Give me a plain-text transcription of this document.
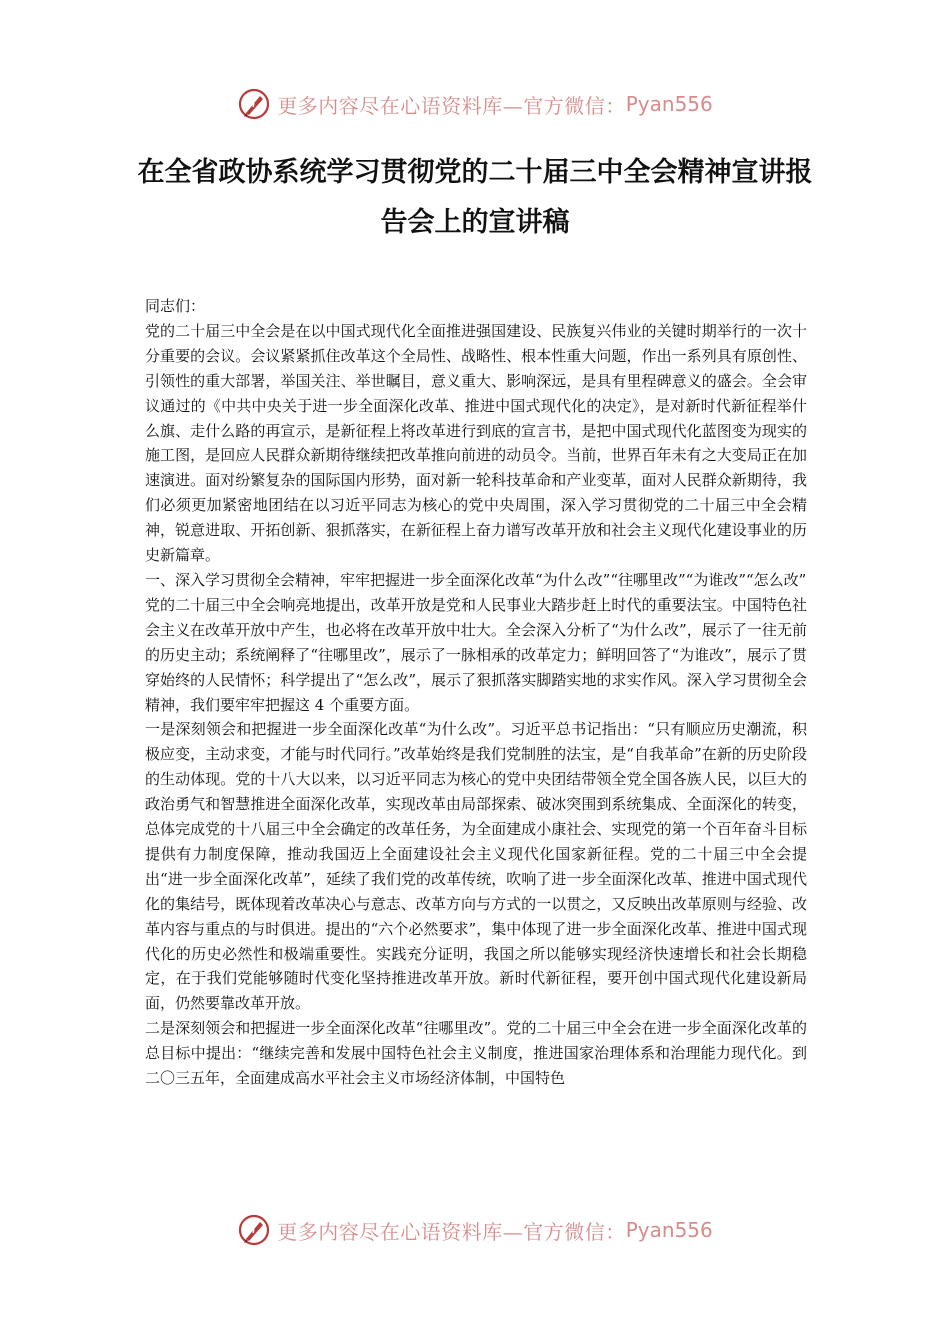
更多内容尽在心语资料库—官方微信： Pyan556
在全省政协系统学习贯彻党的二十届三中全会精神宣讲报告会上的宣讲稿

同志们：

党的二十届三中全会是在以中国式现代化全面推进强国建设、民族复兴伟业的关键时期举行的一次十分重要的会议。会议紧紧抓住改革这个全局性、战略性、根本性重大问题，作出一系列具有原创性、引领性的重大部署，举国关注、举世瞩目，意义重大、影响深远，是具有里程碑意义的盛会。全会审议通过的《中共中央关于进一步全面深化改革、推进中国式现代化的决定》，是对新时代新征程举什么旗、走什么路的再宣示，是新征程上将改革进行到底的宣言书，是把中国式现代化蓝图变为现实的施工图，是回应人民群众新期待继续把改革推向前进的动员令。当前，世界百年未有之大变局正在加速演进。面对纷繁复杂的国际国内形势，面对新一轮科技革命和产业变革，面对人民群众新期待，我们必须更加紧密地团结在以习近平同志为核心的党中央周围，深入学习贯彻党的二十届三中全会精神，锐意进取、开拓创新、狠抓落实，在新征程上奋力谱写改革开放和社会主义现代化建设事业的历史新篇章。

一、深入学习贯彻全会精神，牢牢把握进一步全面深化改革“为什么改”“往哪里改”“为谁改”“怎么改”

党的二十届三中全会响亮地提出，改革开放是党和人民事业大踏步赶上时代的重要法宝。中国特色社会主义在改革开放中产生，也必将在改革开放中壮大。全会深入分析了“为什么改”，展示了一往无前的历史主动；系统阐释了“往哪里改”，展示了一脉相承的改革定力；鲜明回答了“为谁改”，展示了贯穿始终的人民情怀；科学提出了“怎么改”，展示了狠抓落实脚踏实地的求实作风。深入学习贯彻全会精神，我们要牢牢把握这 4 个重要方面。

一是深刻领会和把握进一步全面深化改革“为什么改”。习近平总书记指出：“只有顺应历史潮流，积极应变，主动求变，才能与时代同行。”改革始终是我们党制胜的法宝，是“自我革命”在新的历史阶段的生动体现。党的十八大以来，以习近平同志为核心的党中央团结带领全党全国各族人民，以巨大的政治勇气和智慧推进全面深化改革，实现改革由局部探索、破冰突围到系统集成、全面深化的转变，总体完成党的十八届三中全会确定的改革任务，为全面建成小康社会、实现党的第一个百年奋斗目标提供有力制度保障，推动我国迈上全面建设社会主义现代化国家新征程。党的二十届三中全会提出“进一步全面深化改革”，延续了我们党的改革传统，吹响了进一步全面深化改革、推进中国式现代化的集结号，既体现着改革决心与意志、改革方向与方式的一以贯之，又反映出改革原则与经验、改革内容与重点的与时俱进。提出的“六个必然要求”，集中体现了进一步全面深化改革、推进中国式现代化的历史必然性和极端重要性。实践充分证明，我国之所以能够实现经济快速增长和社会长期稳定，在于我们党能够随时代变化坚持推进改革开放。新时代新征程，要开创中国式现代化建设新局面，仍然要靠改革开放。

二是深刻领会和把握进一步全面深化改革“往哪里改”。党的二十届三中全会在进一步全面深化改革的总目标中提出：“继续完善和发展中国特色社会主义制度，推进国家治理体系和治理能力现代化。到二〇三五年，全面建成高水平社会主义市场经济体制，中国特色

更多内容尽在心语资料库—官方微信： Pyan556
